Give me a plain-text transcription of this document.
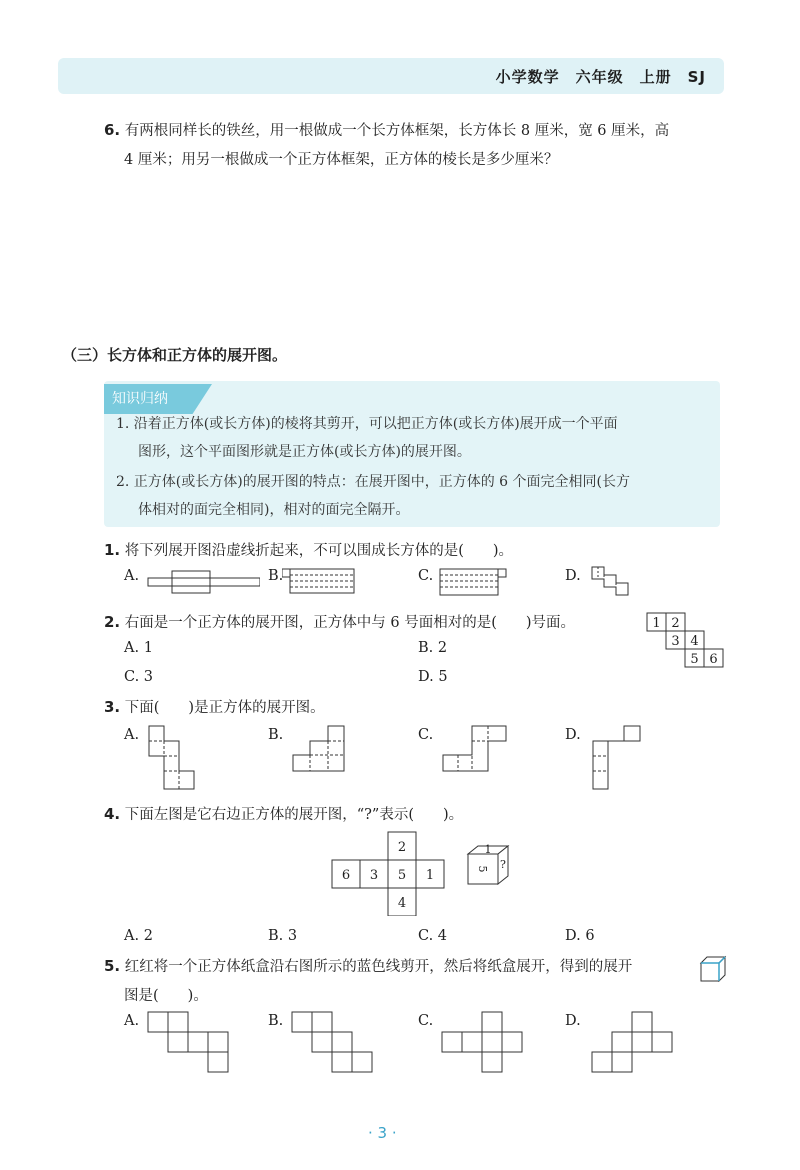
小学数学　六年级　上册　SJ
6. 有两根同样长的铁丝，用一根做成一个长方体框架，长方体长 8 厘米，宽 6 厘米，高
4 厘米；用另一根做成一个正方体框架，正方体的棱长是多少厘米？
（三）长方体和正方体的展开图。
知识归纳
1. 沿着正方体(或长方体)的棱将其剪开，可以把正方体(或长方体)展开成一个平面
图形，这个平面图形就是正方体(或长方体)的展开图。
2. 正方体(或长方体)的展开图的特点：在展开图中，正方体的 6 个面完全相同(长方
体相对的面完全相同)，相对的面完全隔开。
1. 将下列展开图沿虚线折起来，不可以围成长方体的是(　　)。
A.	B.	C.	D.
2. 右面是一个正方体的展开图，正方体中与 6 号面相对的是(　　)号面。
A. 1	B. 2
C. 3	D. 5
1 2
3 4
5 6
3. 下面(　　)是正方体的展开图。
A.	B.	C.	D.
4. 下面左图是它右边正方体的展开图，“?”表示(　　)。
2
6 3 5 1
4
1
5 ?
A. 2	B. 3	C. 4	D. 6
5. 红红将一个正方体纸盒沿右图所示的蓝色线剪开，然后将纸盒展开，得到的展开
图是(　　)。
A.	B.	C.	D.
· 3 ·
